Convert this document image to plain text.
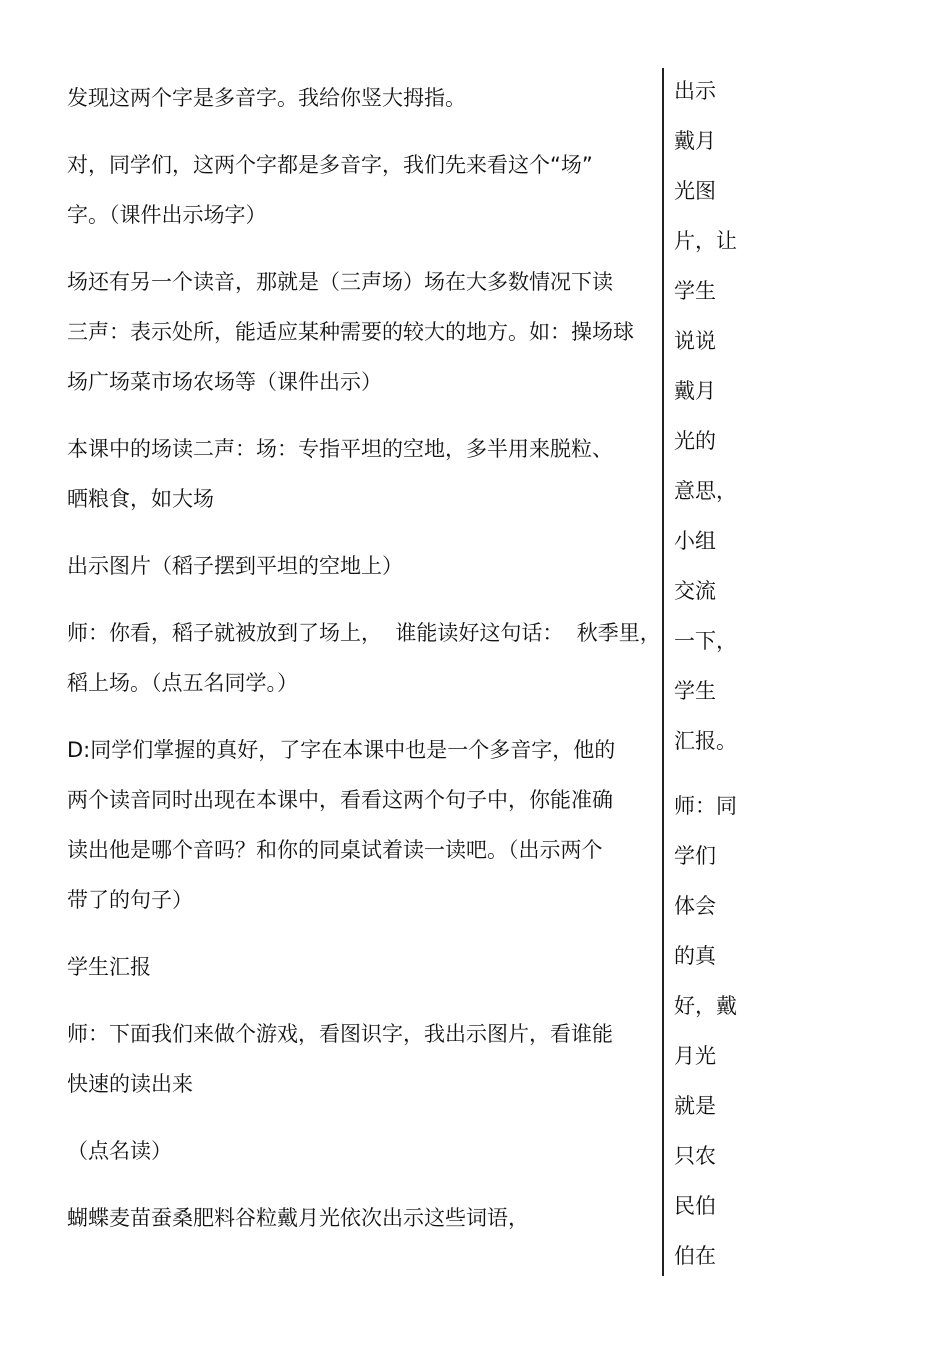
发现这两个字是多音字。我给你竖大拇指。
对，同学们，这两个字都是多音字，我们先来看这个“场”
字。（课件出示场字）
场还有另一个读音，那就是（三声场）场在大多数情况下读
三声：表示处所，能适应某种需要的较大的地方。如：操场球
场广场菜市场农场等（课件出示）
本课中的场读二声：场：专指平坦的空地，多半用来脱粒、
晒粮食，如大场
出示图片（稻子摆到平坦的空地上）
师：你看，稻子就被放到了场上，  谁能读好这句话：  秋季里，
稻上场。（点五名同学。）
D:同学们掌握的真好，了字在本课中也是一个多音字，他的
两个读音同时出现在本课中，看看这两个句子中，你能准确
读出他是哪个音吗？和你的同桌试着读一读吧。（出示两个
带了的句子）
学生汇报
师：下面我们来做个游戏，看图识字，我出示图片，看谁能
快速的读出来
（点名读）
蝴蝶麦苗蚕桑肥料谷粒戴月光依次出示这些词语，
出示
戴月
光图
片，让
学生
说说
戴月
光的
意思，
小组
交流
一下，
学生
汇报。
师：同
学们
体会
的真
好，戴
月光
就是
只农
民伯
伯在
